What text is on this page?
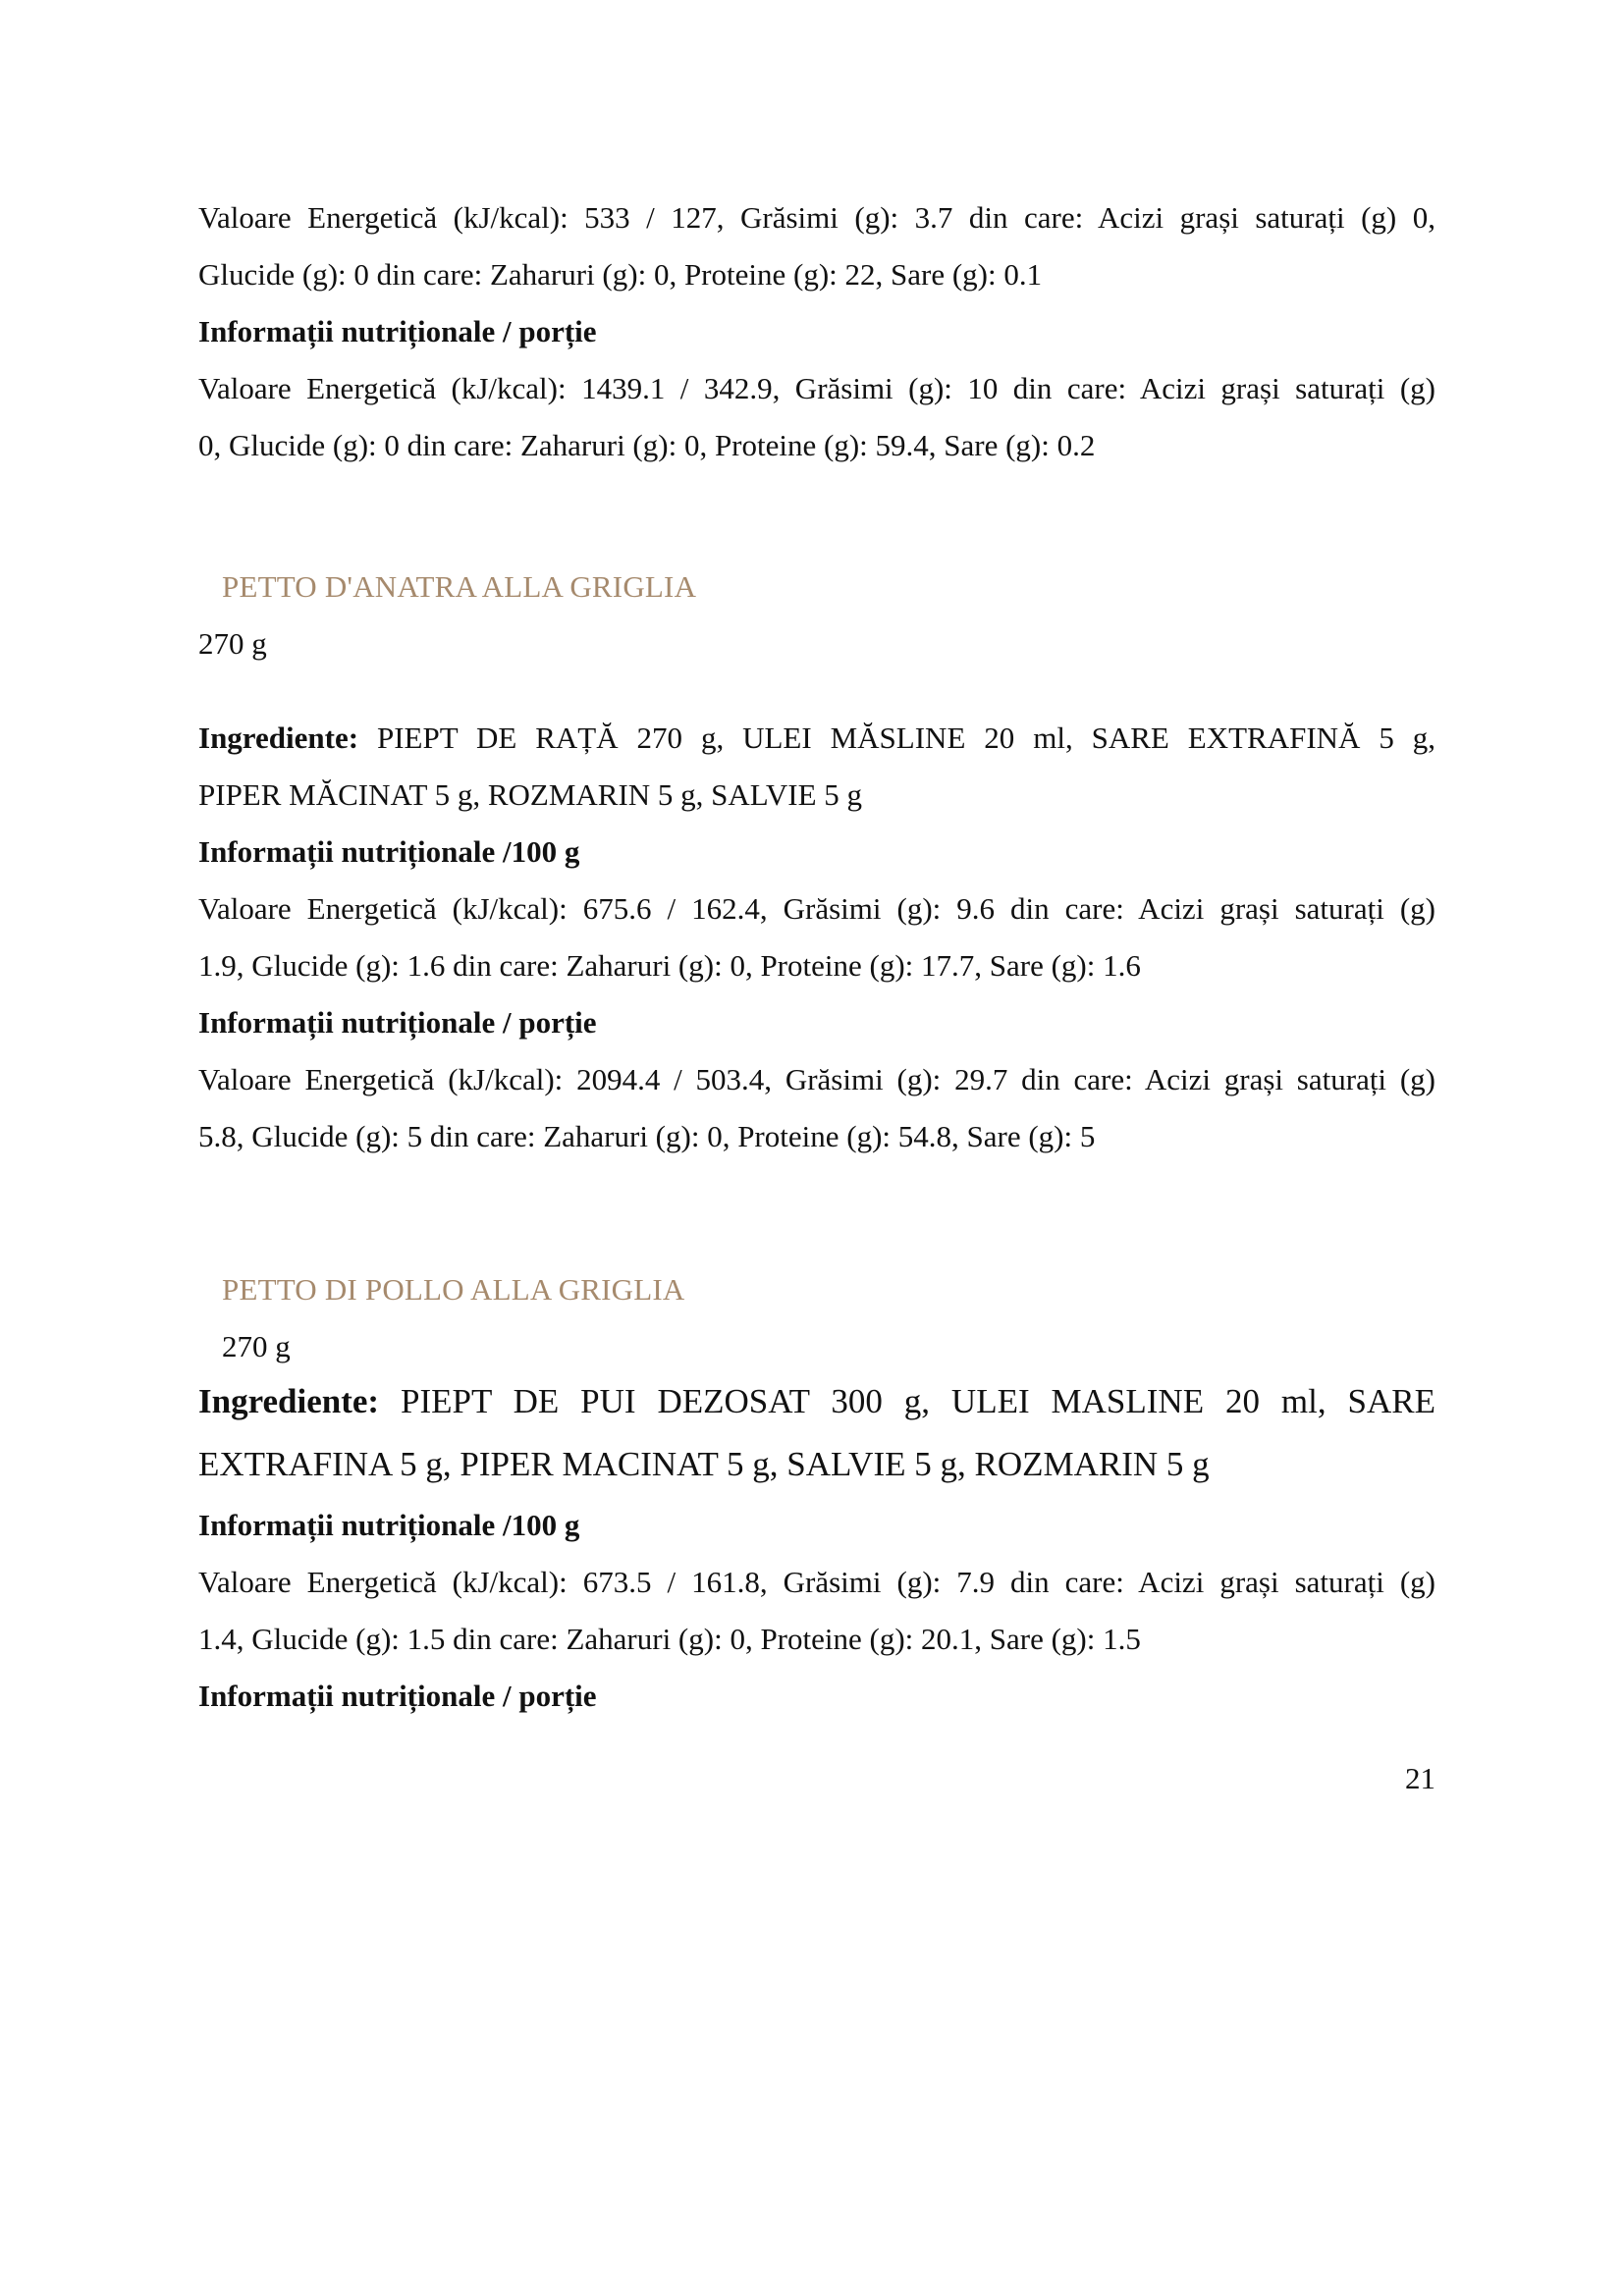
Valoare Energetică (kJ/kcal): 533 / 127, Grăsimi (g): 3.7 din care: Acizi grași saturați (g) 0,
Glucide (g): 0 din care: Zaharuri (g): 0, Proteine (g): 22, Sare (g): 0.1
Informații nutriționale / porție
Valoare Energetică (kJ/kcal): 1439.1 / 342.9, Grăsimi (g): 10 din care: Acizi grași saturați (g)
0, Glucide (g): 0 din care: Zaharuri (g): 0, Proteine (g): 59.4, Sare (g): 0.2
PETTO D'ANATRA ALLA GRIGLIA
270 g
Ingrediente: PIEPT DE RAȚĂ 270 g, ULEI MĂSLINE 20 ml, SARE EXTRAFINĂ 5 g,
PIPER MĂCINAT 5 g, ROZMARIN 5 g, SALVIE 5 g
Informații nutriționale /100 g
Valoare Energetică (kJ/kcal): 675.6 / 162.4, Grăsimi (g): 9.6 din care: Acizi grași saturați (g)
1.9, Glucide (g): 1.6 din care: Zaharuri (g): 0, Proteine (g): 17.7, Sare (g): 1.6
Informații nutriționale / porție
Valoare Energetică (kJ/kcal): 2094.4 / 503.4, Grăsimi (g): 29.7 din care: Acizi grași saturați (g)
5.8, Glucide (g): 5 din care: Zaharuri (g): 0, Proteine (g): 54.8, Sare (g): 5
PETTO DI POLLO ALLA GRIGLIA
270 g
Ingrediente: PIEPT DE PUI DEZOSAT 300 g, ULEI MASLINE 20 ml, SARE
EXTRAFINA 5 g, PIPER MACINAT 5 g, SALVIE 5 g, ROZMARIN 5 g
Informații nutriționale /100 g
Valoare Energetică (kJ/kcal): 673.5 / 161.8, Grăsimi (g): 7.9 din care: Acizi grași saturați (g)
1.4, Glucide (g): 1.5 din care: Zaharuri (g): 0, Proteine (g): 20.1, Sare (g): 1.5
Informații nutriționale / porție
21
